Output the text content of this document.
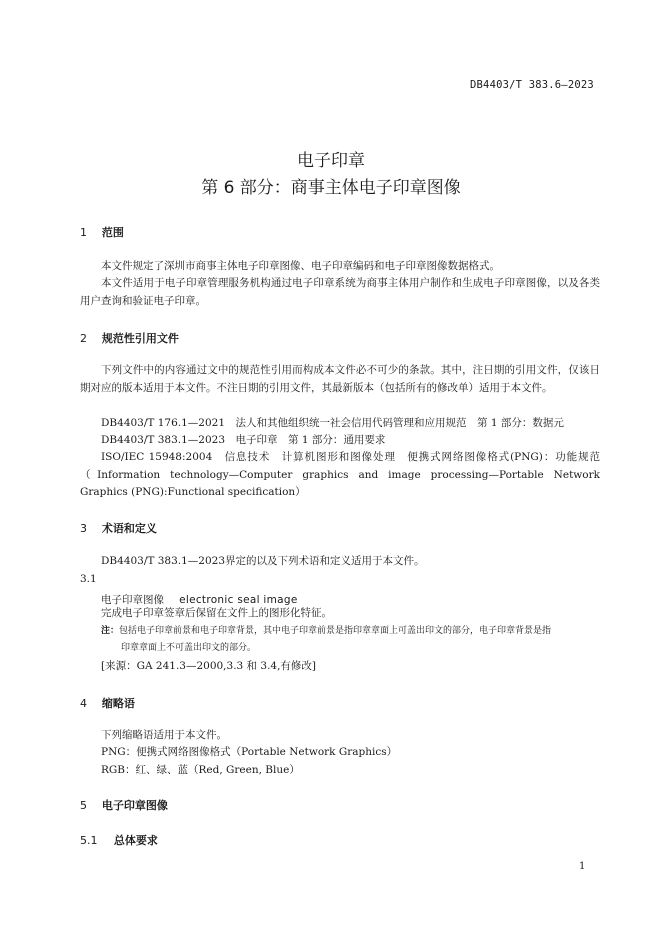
DB4403/T 383.6—2023
电子印章
第 6 部分：商事主体电子印章图像
1 范围
本文件规定了深圳市商事主体电子印章图像、电子印章编码和电子印章图像数据格式。
本文件适用于电子印章管理服务机构通过电子印章系统为商事主体用户制作和生成电子印章图像，以及各类用户查询和验证电子印章。
2 规范性引用文件
下列文件中的内容通过文中的规范性引用而构成本文件必不可少的条款。其中，注日期的引用文件，仅该日期对应的版本适用于本文件。不注日期的引用文件，其最新版本（包括所有的修改单）适用于本文件。
DB4403/T 176.1—2021　法人和其他组织统一社会信用代码管理和应用规范　第 1 部分：数据元
DB4403/T 383.1—2023　电子印章　第 1 部分：通用要求
ISO/IEC 15948:2004　信息技术　计算机图形和图像处理　便携式网络图像格式(PNG)：功能规范（Information technology—Computer graphics and image processing—Portable Network Graphics (PNG):Functional specification）
3 术语和定义
DB4403/T 383.1—2023界定的以及下列术语和定义适用于本文件。
3.1
电子印章图像 electronic seal image
完成电子印章签章后保留在文件上的图形化特征。
注：包括电子印章前景和电子印章背景，其中电子印章前景是指印章章面上可盖出印文的部分，电子印章背景是指
印章章面上不可盖出印文的部分。
[来源：GA 241.3—2000,3.3 和 3.4,有修改]
4 缩略语
下列缩略语适用于本文件。
PNG：便携式网络图像格式（Portable Network Graphics）
RGB：红、绿、蓝（Red, Green, Blue）
5 电子印章图像
5.1 总体要求
1
